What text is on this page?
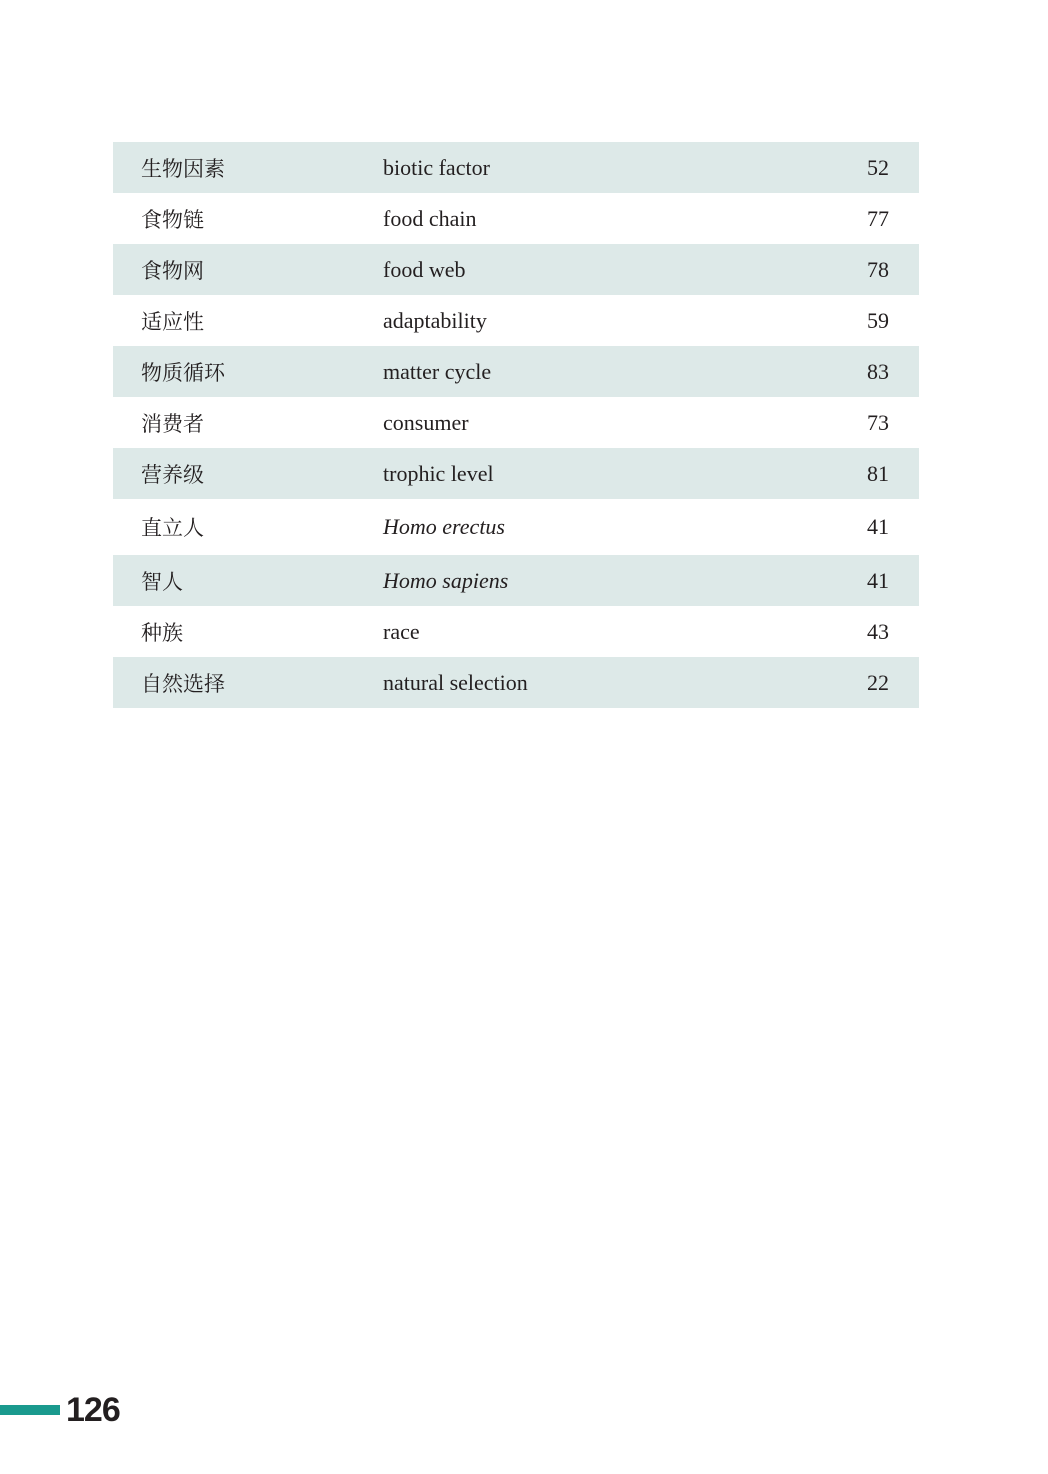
生物因素	biotic factor	52
食物链	food chain	77
食物网	food web	78
适应性	adaptability	59
物质循环	matter cycle	83
消费者	consumer	73
营养级	trophic level	81
直立人	Homo erectus	41
智人	Homo sapiens	41
种族	race	43
自然选择	natural selection	22
126
